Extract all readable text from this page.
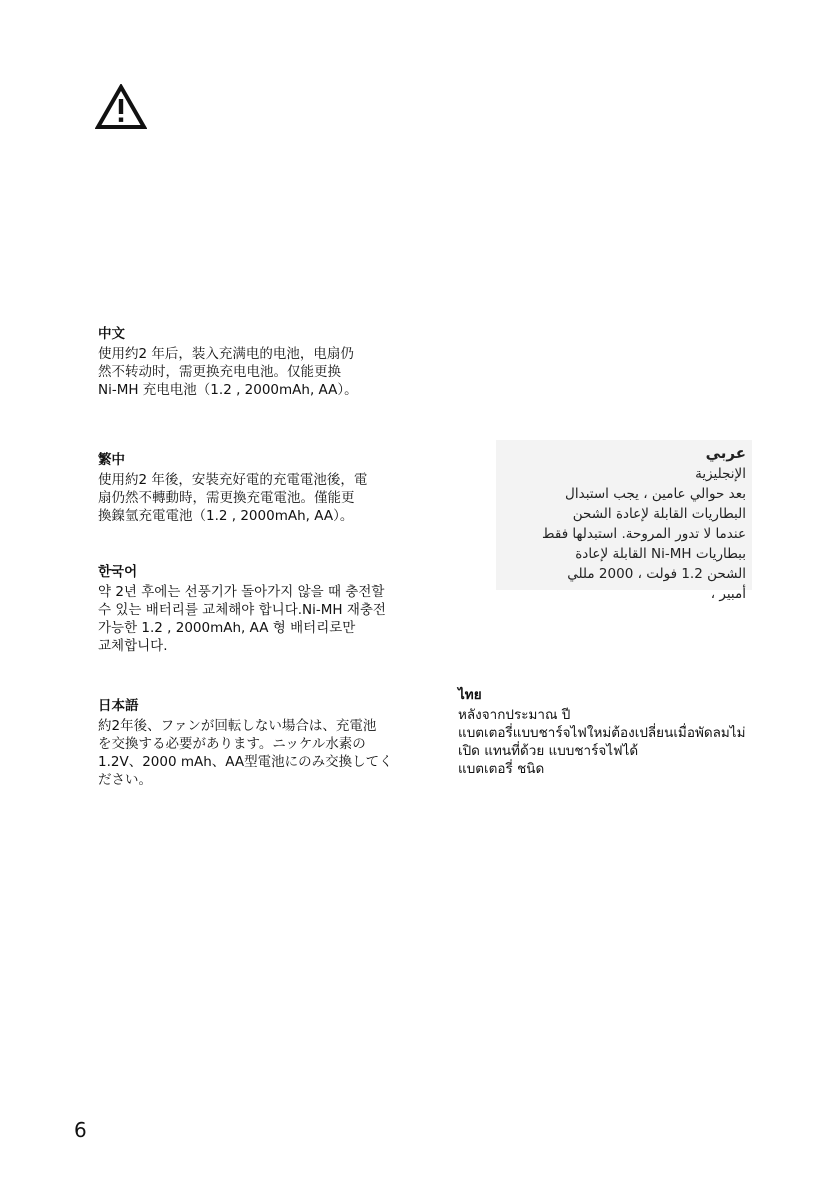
中文

使用约2 年后，装入充满电的电池，电扇仍
然不转动时，需更换充电电池。仅能更换
Ni-MH 充电电池（1.2 , 2000mAh, AA）。

繁中

使用約2 年後，安裝充好電的充電電池後，電
扇仍然不轉動時，需更換充電電池。僅能更
換鎳氫充電電池（1.2 , 2000mAh, AA）。

한국어

약 2년 후에는 선풍기가 돌아가지 않을 때 충전할
수 있는 배터리를 교체해야 합니다.Ni-MH 재충전
가능한 1.2 , 2000mAh, AA 형 배터리로만
교체합니다.

日本語

約2年後、ファンが回転しない場合は、充電池
を交換する必要があります。ニッケル水素の
1.2V、2000 mAh、AA型電池にのみ交換してく
ださい。

عربي

الإنجليزية
بعد حوالي عامين ، يجب استبدال
البطاريات القابلة لإعادة الشحن
عندما لا تدور المروحة. استبدلها فقط
ببطاريات Ni-MH القابلة لإعادة
الشحن 1.2 فولت ، 2000 مللي
أمبير ،

ไทย

หลังจากประมาณ ปี
แบตเตอรี่แบบชาร์จไฟใหม่ต้องเปลี่ยนเมื่อพัดลมไม่
เปิด แทนที่ด้วย แบบชาร์จไฟได้
แบตเตอรี่ ชนิด

6
